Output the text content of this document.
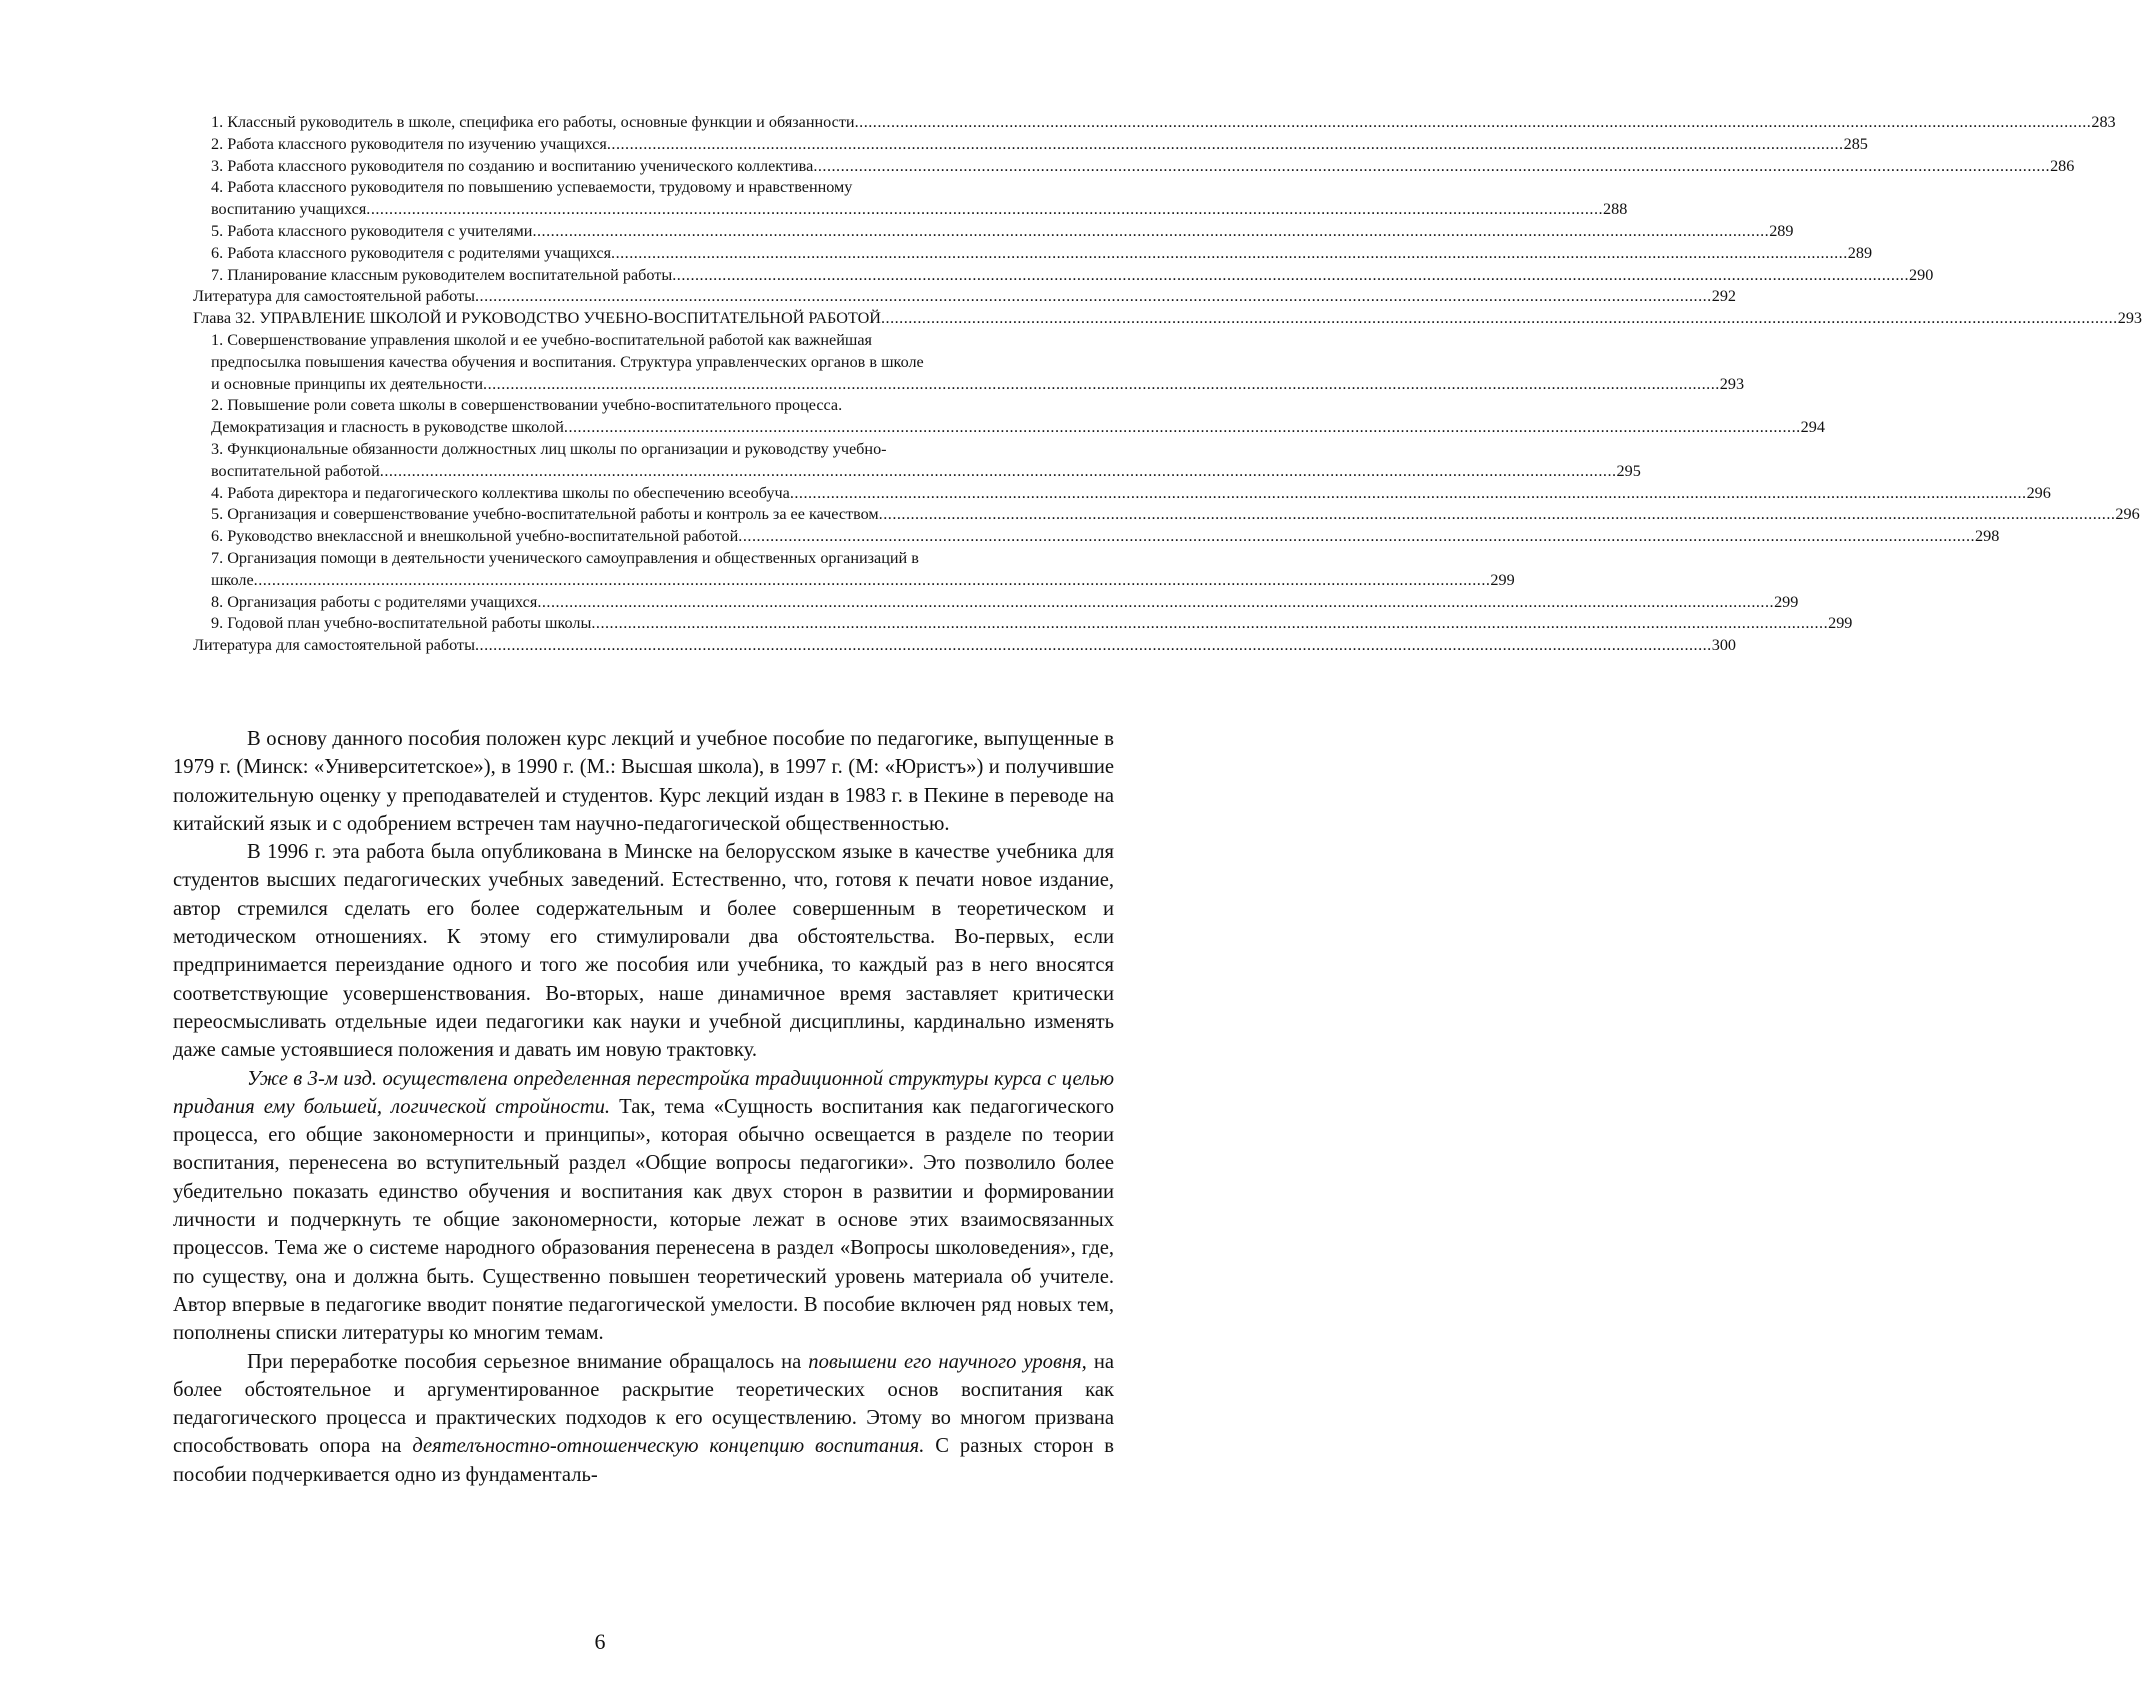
1. Классный руководитель в школе, специфика его работы, основные функции и обязанности .....	283
2. Работа классного руководителя по изучению учащихся .....	285
3. Работа классного руководителя по созданию и воспитанию ученического коллектива .....	286
4. Работа классного руководителя по повышению успеваемости, трудовому и нравственному
воспитанию учащихся .....	288
5. Работа классного руководителя с учителями .....	289
6. Работа классного руководителя с родителями учащихся .....	289
7. Планирование классным руководителем воспитательной работы .....	290
Литература для самостоятельной работы .....	292
Глава 32. УПРАВЛЕНИЕ ШКОЛОЙ И РУКОВОДСТВО УЧЕБНО-ВОСПИТАТЕЛЬНОЙ РАБОТОЙ .....	293
1. Совершенствование управления школой и ее учебно-воспитательной работой как важнейшая
предпосылка повышения качества обучения и воспитания. Структура управленческих органов в школе
и основные принципы их деятельности .....	293
2. Повышение роли совета школы в совершенствовании учебно-воспитательного процесса.
Демократизация и гласность в руководстве школой .....	294
3. Функциональные обязанности должностных лиц школы по организации и руководству учебно-
воспитательной работой .....	295
4. Работа директора и педагогического коллектива школы по обеспечению всеобуча .....	296
5. Организация и совершенствование учебно-воспитательной работы и контроль за ее качеством .....	296
6. Руководство внеклассной и внешкольной учебно-воспитательной работой .....	298
7. Организация помощи в деятельности ученического самоуправления и общественных организаций в
школе .....	299
8. Организация работы с родителями учащихся .....	299
9. Годовой план учебно-воспитательной работы школы .....	299
Литература для самостоятельной работы .....	300

В основу данного пособия положен курс лекций и учебное пособие по педагогике, выпущенные в 1979 г. (Минск: «Университетское»), в 1990 г. (М.: Высшая школа), в 1997 г. (М: «Юристъ») и получившие положительную оценку у преподавателей и студентов. Курс лекций издан в 1983 г. в Пекине в переводе на китайский язык и с одобрением встречен там научно-педагогической общественностью.

В 1996 г. эта работа была опубликована в Минске на белорусском языке в качестве учебника для студентов высших педагогических учебных заведений. Естественно, что, готовя к печати новое издание, автор стремился сделать его более содержательным и более совершенным в теоретическом и методическом отношениях. К этому его стимулировали два обстоятельства. Во-первых, если предпринимается переиздание одного и того же пособия или учебника, то каждый раз в него вносятся соответствующие усовершенствования. Во-вторых, наше динамичное время заставляет критически переосмысливать отдельные идеи педагогики как науки и учебной дисциплины, кардинально изменять даже самые устоявшиеся положения и давать им новую трактовку.

Уже в 3-м изд. осуществлена определенная перестройка традиционной структуры курса с целью придания ему большей, логической стройности. Так, тема «Сущность воспитания как педагогического процесса, его общие закономерности и принципы», которая обычно освещается в разделе по теории воспитания, перенесена во вступительный раздел «Общие вопросы педагогики». Это позволило более убедительно показать единство обучения и воспитания как двух сторон в развитии и формировании личности и подчеркнуть те общие закономерности, которые лежат в основе этих взаимосвязанных процессов. Тема же о системе народного образования перенесена в раздел «Вопросы школоведения», где, по существу, она и должна быть. Существенно повышен теоретический уровень материала об учителе. Автор впервые в педагогике вводит понятие педагогической умелости. В пособие включен ряд новых тем, пополнены списки литературы ко многим темам.

При переработке пособия серьезное внимание обращалось на повышени его научного уровня, на более обстоятельное и аргументированное раскрытие теоретических основ воспитания как педагогического процесса и практических подходов к его осуществлению. Этому во многом призвана способствовать опора на деятелъностно-отношенческую концепцию воспитания. С разных сторон в пособии подчеркивается одно из фундаменталь-

6
